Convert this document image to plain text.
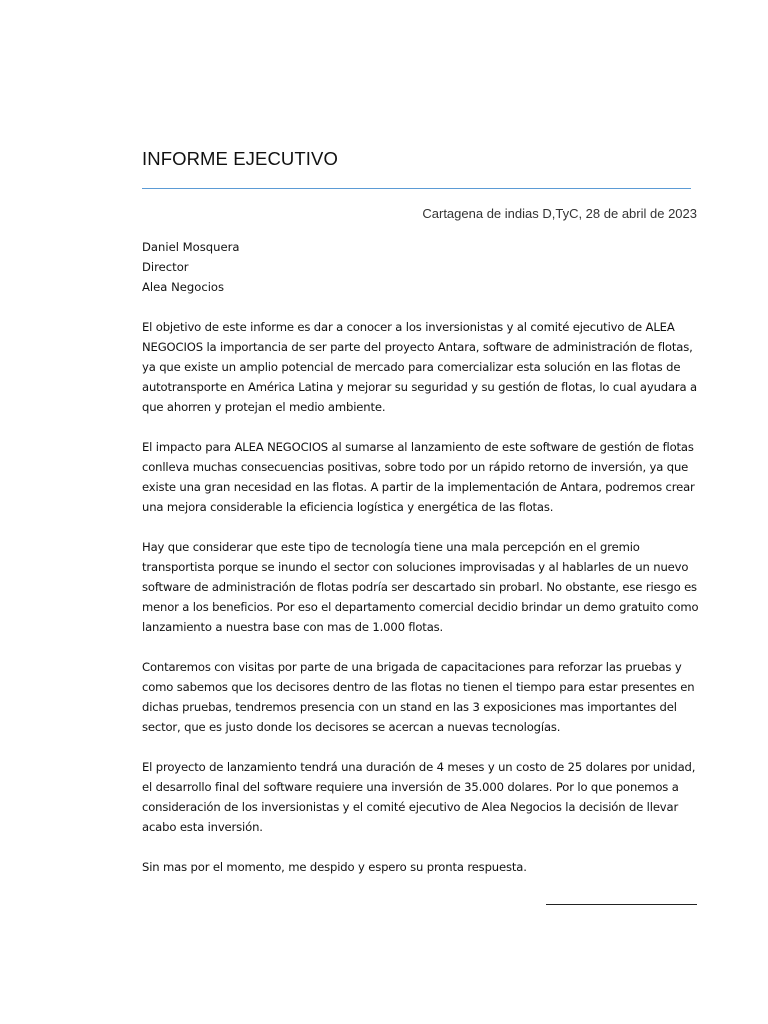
INFORME EJECUTIVO
Cartagena de indias D,TyC, 28 de abril de 2023
Daniel Mosquera
Director
Alea Negocios

El objetivo de este informe es dar a conocer a los inversionistas y al comité ejecutivo de ALEA
NEGOCIOS la importancia de ser parte del proyecto Antara, software de administración de flotas,
ya que existe un amplio potencial de mercado para comercializar esta solución en las flotas de
autotransporte en América Latina y mejorar su seguridad y su gestión de flotas, lo cual ayudara a
que ahorren y protejan el medio ambiente.

El impacto para ALEA NEGOCIOS al sumarse al lanzamiento de este software de gestión de flotas
conlleva muchas consecuencias positivas, sobre todo por un rápido retorno de inversión, ya que
existe una gran necesidad en las flotas. A partir de la implementación de Antara, podremos crear
una mejora considerable la eficiencia logística y energética de las flotas.

Hay que considerar que este tipo de tecnología tiene una mala percepción en el gremio
transportista porque se inundo el sector con soluciones improvisadas y al hablarles de un nuevo
software de administración de flotas podría ser descartado sin probarl. No obstante, ese riesgo es
menor a los beneficios. Por eso el departamento comercial decidio brindar un demo gratuito como
lanzamiento a nuestra base con mas de 1.000 flotas.

Contaremos con visitas por parte de una brigada de capacitaciones para reforzar las pruebas y
como sabemos que los decisores dentro de las flotas no tienen el tiempo para estar presentes en
dichas pruebas, tendremos presencia con un stand en las 3 exposiciones mas importantes del
sector, que es justo donde los decisores se acercan a nuevas tecnologías.

El proyecto de lanzamiento tendrá una duración de 4 meses y un costo de 25 dolares por unidad,
el desarrollo final del software requiere una inversión de 35.000 dolares. Por lo que ponemos a
consideración de los inversionistas y el comité ejecutivo de Alea Negocios la decisión de llevar
acabo esta inversión.

Sin mas por el momento, me despido y espero su pronta respuesta.
